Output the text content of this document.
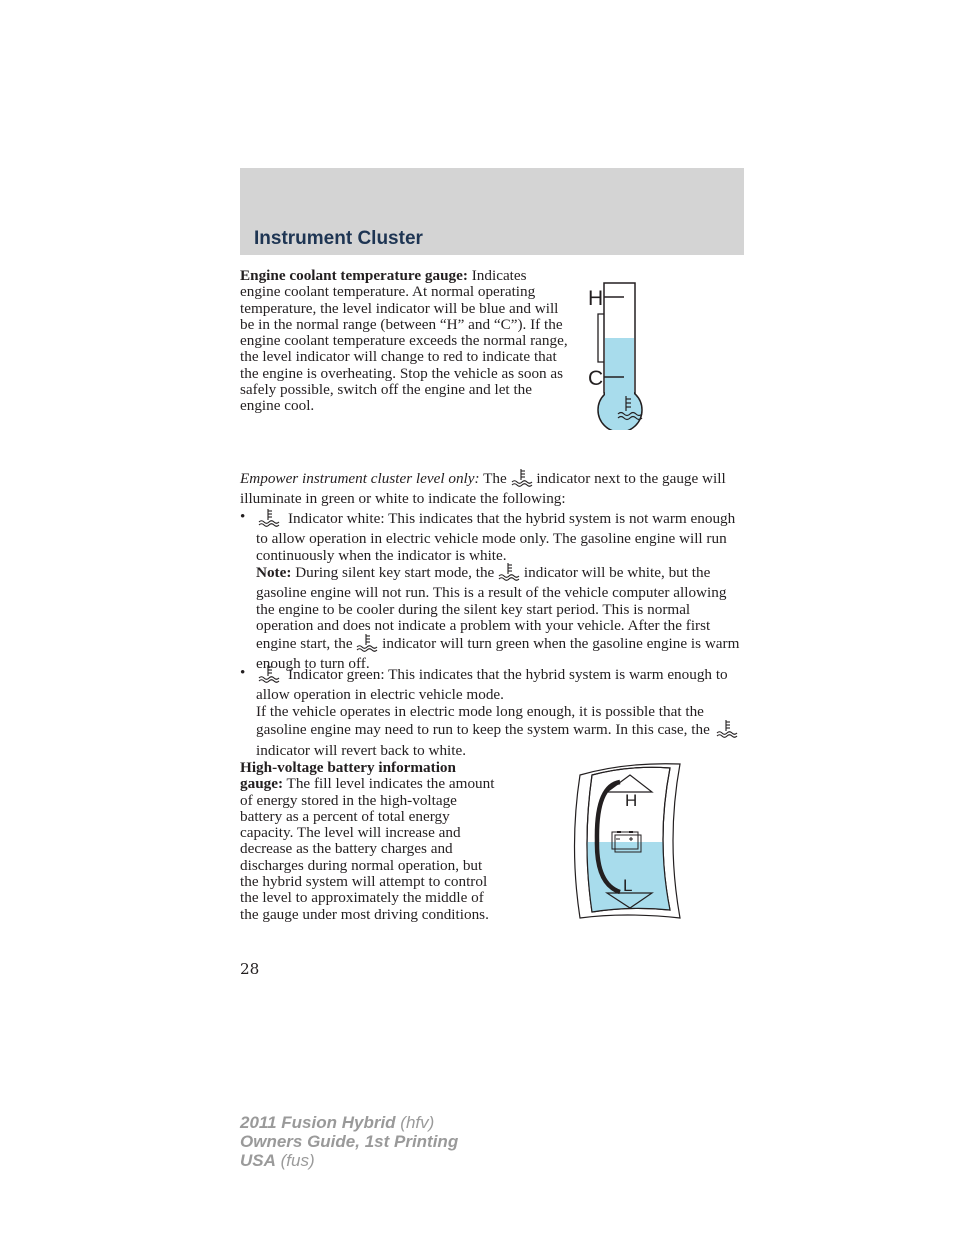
Instrument Cluster
Engine coolant temperature gauge: Indicates engine coolant temperature. At normal operating temperature, the level indicator will be blue and will be in the normal range (between “H” and “C”). If the engine coolant temperature exceeds the normal range, the level indicator will change to red to indicate that the engine is overheating. Stop the vehicle as soon as safely possible, switch off the engine and let the engine cool.
H
C
Empower instrument cluster level only: The  indicator next to the gauge will illuminate in green or white to indicate the following:
•	Indicator white: This indicates that the hybrid system is not warm enough to allow operation in electric vehicle mode only. The gasoline engine will run continuously when the indicator is white.
Note: During silent key start mode, the  indicator will be white, but the gasoline engine will not run. This is a result of the vehicle computer allowing the engine to be cooler during the silent key start period. This is normal operation and does not indicate a problem with your vehicle. After the first engine start, the  indicator will turn green when the gasoline engine is warm enough to turn off.
•	Indicator green: This indicates that the hybrid system is warm enough to allow operation in electric vehicle mode.
If the vehicle operates in electric mode long enough, it is possible that the gasoline engine may need to run to keep the system warm. In this case, the  indicator will revert back to white.
High-voltage battery information gauge: The fill level indicates the amount of energy stored in the high-voltage battery as a percent of total energy capacity. The level will increase and decrease as the battery charges and discharges during normal operation, but the hybrid system will attempt to control the level to approximately the middle of the gauge under most driving conditions.
H
L
28
2011 Fusion Hybrid (hfv)
Owners Guide, 1st Printing
USA (fus)
